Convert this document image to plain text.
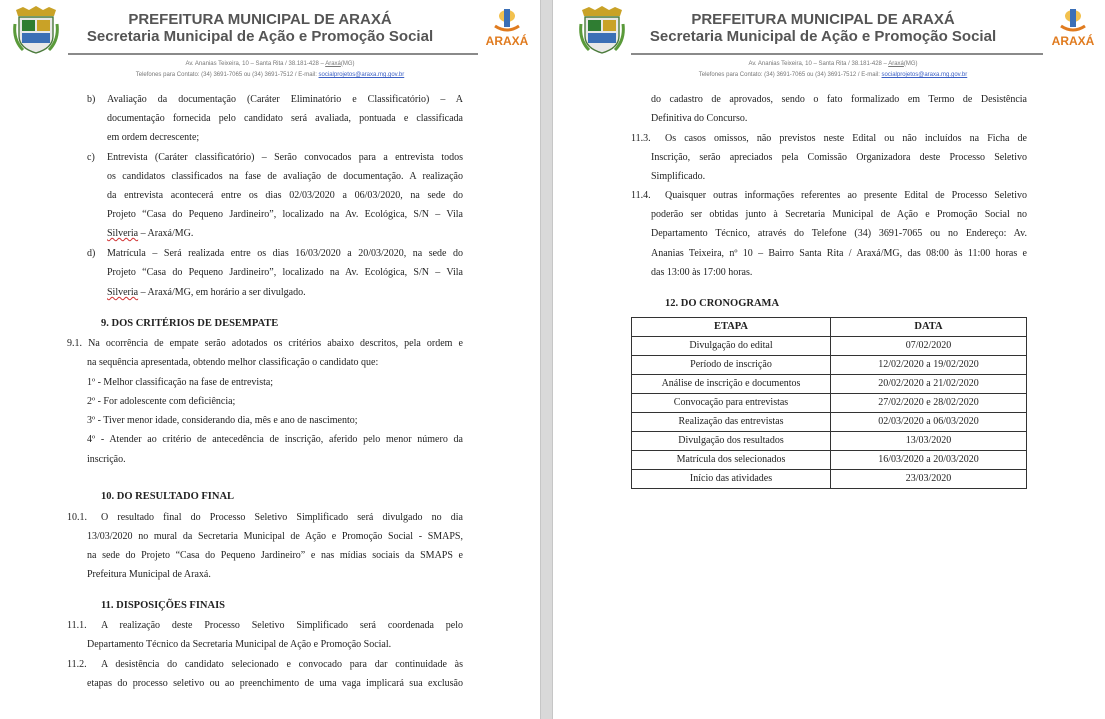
PREFEITURA MUNICIPAL DE ARAXÁ
Secretaria Municipal de Ação e Promoção Social	ARAXÁ
Av. Ananias Teixeira, 10 – Santa Rita / 38.181-428 – Araxá(MG)
Telefones para Contato: (34) 3691-7065 ou (34) 3691-7512 / E-mail: socialprojetos@araxa.mg.gov.br
b) Avaliação da documentação (Caráter Eliminatório e Classificatório) – A
documentação fornecida pelo candidato será avaliada, pontuada e classificada
em ordem decrescente;
c) Entrevista (Caráter classificatório) – Serão convocados para a entrevista todos
os candidatos classificados na fase de avaliação de documentação. A realização
da entrevista acontecerá entre os dias 02/03/2020 a 06/03/2020, na sede do
Projeto “Casa do Pequeno Jardineiro”, localizado na Av. Ecológica, S/N – Vila
Silveria – Araxá/MG.
d) Matrícula – Será realizada entre os dias 16/03/2020 a 20/03/2020, na sede do
Projeto “Casa do Pequeno Jardineiro”, localizado na Av. Ecológica, S/N – Vila
Silveria – Araxá/MG, em horário a ser divulgado.
9. DOS CRITÉRIOS DE DESEMPATE
9.1. Na ocorrência de empate serão adotados os critérios abaixo descritos, pela ordem e
na sequência apresentada, obtendo melhor classificação o candidato que:
1º - Melhor classificação na fase de entrevista;
2º - For adolescente com deficiência;
3º - Tiver menor idade, considerando dia, mês e ano de nascimento;
4º - Atender ao critério de antecedência de inscrição, aferido pelo menor número da
inscrição.
10. DO RESULTADO FINAL
10.1. O resultado final do Processo Seletivo Simplificado será divulgado no dia
13/03/2020 no mural da Secretaria Municipal de Ação e Promoção Social - SMAPS,
na sede do Projeto “Casa do Pequeno Jardineiro” e nas mídias sociais da SMAPS e
Prefeitura Municipal de Araxá.
11. DISPOSIÇÕES FINAIS
11.1. A realização deste Processo Seletivo Simplificado será coordenada pelo
Departamento Técnico da Secretaria Municipal de Ação e Promoção Social.
11.2. A desistência do candidato selecionado e convocado para dar continuidade às
etapas do processo seletivo ou ao preenchimento de uma vaga implicará sua exclusão
PREFEITURA MUNICIPAL DE ARAXÁ
Secretaria Municipal de Ação e Promoção Social	ARAXÁ
Av. Ananias Teixeira, 10 – Santa Rita / 38.181-428 – Araxá(MG)
Telefones para Contato: (34) 3691-7065 ou (34) 3691-7512 / E-mail: socialprojetos@araxa.mg.gov.br
do cadastro de aprovados, sendo o fato formalizado em Termo de Desistência
Definitiva do Concurso.
11.3. Os casos omissos, não previstos neste Edital ou não incluídos na Ficha de
Inscrição, serão apreciados pela Comissão Organizadora deste Processo Seletivo
Simplificado.
11.4. Quaisquer outras informações referentes ao presente Edital de Processo Seletivo
poderão ser obtidas junto à Secretaria Municipal de Ação e Promoção Social no
Departamento Técnico, através do Telefone (34) 3691-7065 ou no Endereço: Av.
Ananias Teixeira, nº 10 – Bairro Santa Rita / Araxá/MG, das 08:00 às 11:00 horas e
das 13:00 às 17:00 horas.
12. DO CRONOGRAMA
ETAPA	DATA
Divulgação do edital	07/02/2020
Período de inscrição	12/02/2020 a 19/02/2020
Análise de inscrição e documentos	20/02/2020 a 21/02/2020
Convocação para entrevistas	27/02/2020 e 28/02/2020
Realização das entrevistas	02/03/2020 a 06/03/2020
Divulgação dos resultados	13/03/2020
Matrícula dos selecionados	16/03/2020 a 20/03/2020
Início das atividades	23/03/2020
